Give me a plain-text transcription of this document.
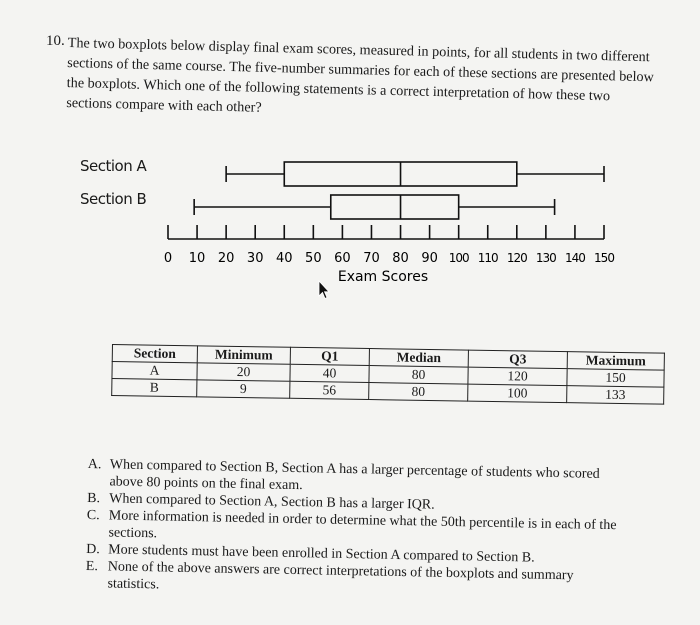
10. The two boxplots below display final exam scores, measured in points, for all students in two different sections of the same course. The five-number summaries for each of these sections are presented below the boxplots. Which one of the following statements is a correct interpretation of how these two sections compare with each other?
Section A
Section B
0 10 20 30 40 50 60 70 80 90 100 110 120 130 140 150
Exam Scores
Section	Minimum	Q1	Median	Q3	Maximum
A	20	40	80	120	150
B	9	56	80	100	133
A. When compared to Section B, Section A has a larger percentage of students who scored above 80 points on the final exam.
B. When compared to Section A, Section B has a larger IQR.
C. More information is needed in order to determine what the 50th percentile is in each of the sections.
D. More students must have been enrolled in Section A compared to Section B.
E. None of the above answers are correct interpretations of the boxplots and summary statistics.
